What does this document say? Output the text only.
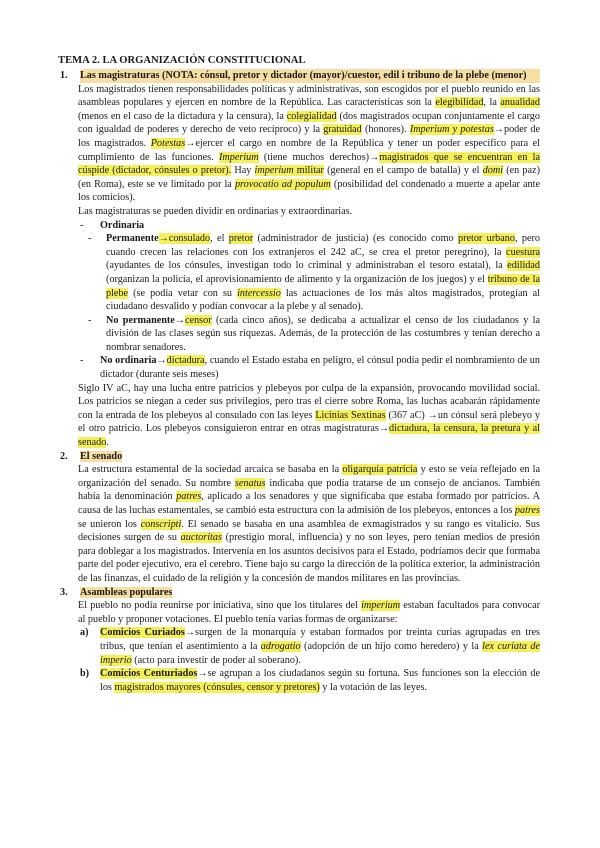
TEMA 2. LA ORGANIZACIÓN CONSTITUCIONAL
1. Las magistraturas (NOTA: cónsul, pretor y dictador (mayor)/cuestor, edil i tribuno de la plebe (menor)
Los magistrados tienen responsabilidades políticas y administrativas, son escogidos por el pueblo reunido en las asambleas populares y ejercen en nombre de la República. Las características son la elegibilidad, la anualidad (menos en el caso de la dictadura y la censura), la colegialidad (dos magistrados ocupan conjuntamente el cargo con igualdad de poderes y derecho de veto recíproco) y la gratuidad (honores). Imperium y potestas→poder de los magistrados. Potestas→ejercer el cargo en nombre de la República y tener un poder específico para el cumplimiento de las funciones. Imperium (tiene muchos derechos)→magistrados que se encuentran en la cúspide (dictador, cónsules o pretor). Hay imperium militar (general en el campo de batalla) y el domi (en paz) (en Roma), este se ve limitado por la provocatio ad populum (posibilidad del condenado a muerte a apelar ante los comicios).
Las magistraturas se pueden dividir en ordinarias y extraordinarias.
- Ordinaria
- Permanente→consulado, el pretor (administrador de justicia) (es conocido como pretor urbano, pero cuando crecen las relaciones con los extranjeros el 242 aC, se crea el pretor peregrino), la cuestura (ayudantes de los cónsules, investigan todo lo criminal y administraban el tesoro estatal), la edilidad (organizan la policía, el aprovisionamiento de alimento y la organización de los juegos) y el tribuno de la plebe (se podía vetar con su intercessio las actuaciones de los más altos magistrados, protegían al ciudadano desvalido y podían convocar a la plebe y al senado).
- No permanente→censor (cada cinco años), se dedicaba a actualizar el censo de los ciudadanos y la división de las clases según sus riquezas. Además, de la protección de las costumbres y tenían derecho a nombrar senadores.
- No ordinaria→dictadura, cuando el Estado estaba en peligro, el cónsul podía pedir el nombramiento de un dictador (durante seis meses)
Siglo IV aC, hay una lucha entre patricios y plebeyos por culpa de la expansión, provocando movilidad social. Los patricios se niegan a ceder sus privilegios, pero tras el cierre sobre Roma, las luchas acabarán rápidamente con la entrada de los plebeyos al consulado con las leyes Licinias Sextinas (367 aC) →un cónsul será plebeyo y el otro patricio. Los plebeyos consiguieron entrar en otras magistraturas→dictadura, la censura, la pretura y al senado.
2. El senado
La estructura estamental de la sociedad arcaica se basaba en la oligarquía patricia y esto se veía reflejado en la organización del senado. Su nombre senatus indicaba que podía tratarse de un consejo de ancianos. También había la denominación patres, aplicado a los senadores y que significaba que estaba formado por patricios. A causa de las luchas estamentales, se cambió esta estructura con la admisión de los plebeyos, entonces a los patres se unieron los conscripti. El senado se basaba en una asamblea de exmagistrados y su rango es vitalicio. Sus decisiones surgen de su auctoritas (prestigio moral, influencia) y no son leyes, pero tenían medios de presión para doblegar a los magistrados. Intervenía en los asuntos decisivos para el Estado, podríamos decir que formaba parte del poder ejecutivo, era el cerebro. Tiene bajo su cargo la dirección de la política exterior, la administración de las finanzas, el cuidado de la religión y la concesión de mandos militares en las provincias.
3. Asambleas populares
El pueblo no podía reunirse por iniciativa, sino que los titulares del imperium estaban facultados para convocar al pueblo y proponer votaciones. El pueblo tenía varias formas de organizarse:
a) Comicios Curiados→surgen de la monarquía y estaban formados por treinta curias agrupadas en tres tribus, que tenían el asentimiento a la adrogatio (adopción de un hijo como heredero) y la lex curiata de imperio (acto para investir de poder al soberano).
b) Comicios Centuriados→se agrupan a los ciudadanos según su fortuna. Sus funciones son la elección de los magistrados mayores (cónsules, censor y pretores) y la votación de las leyes.
